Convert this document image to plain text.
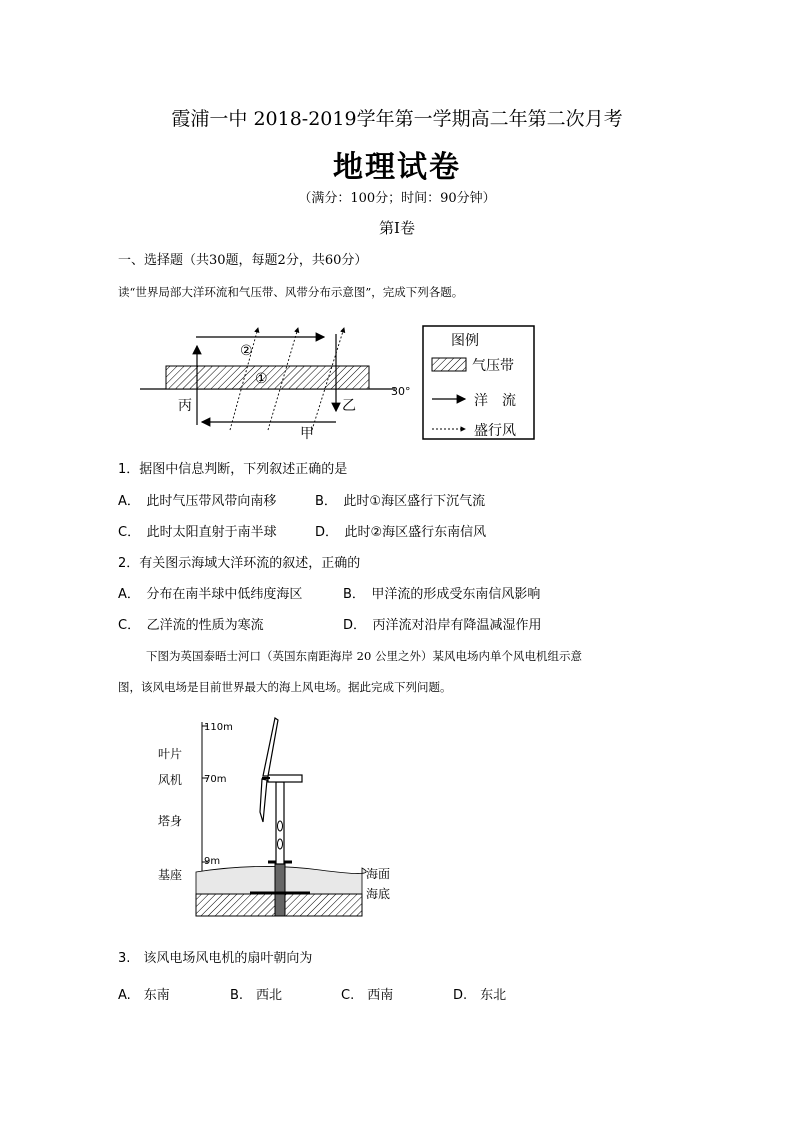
霞浦一中 2018-2019学年第一学期高二年第二次月考
地理试卷
（满分：100分；时间：90分钟）
第Ⅰ卷
一、选择题（共30题，每题2分，共60分）
读“世界局部大洋环流和气压带、风带分布示意图”，完成下列各题。
30°
②
①
丙	乙
甲
图例
气压带
洋　流
盛行风
1．据图中信息判断，下列叙述正确的是
A．　此时气压带风带向南移	B．　此时①海区盛行下沉气流
C．　此时太阳直射于南半球	D．　此时②海区盛行东南信风
2．有关图示海域大洋环流的叙述，正确的
A．　分布在南半球中低纬度海区	B．　甲洋流的形成受东南信风影响
C．　乙洋流的性质为寒流	D．　丙洋流对沿岸有降温减湿作用
下图为英国泰晤士河口（英国东南距海岸 20 公里之外）某风电场内单个风电机组示意
图，该风电场是目前世界最大的海上风电场。据此完成下列问题。
110m
70m
9m
叶片
风机
塔身
基座	海面
海底
3.　该风电场风电机的扇叶朝向为
A.　东南	B.　西北	C.　西南	D.　东北
